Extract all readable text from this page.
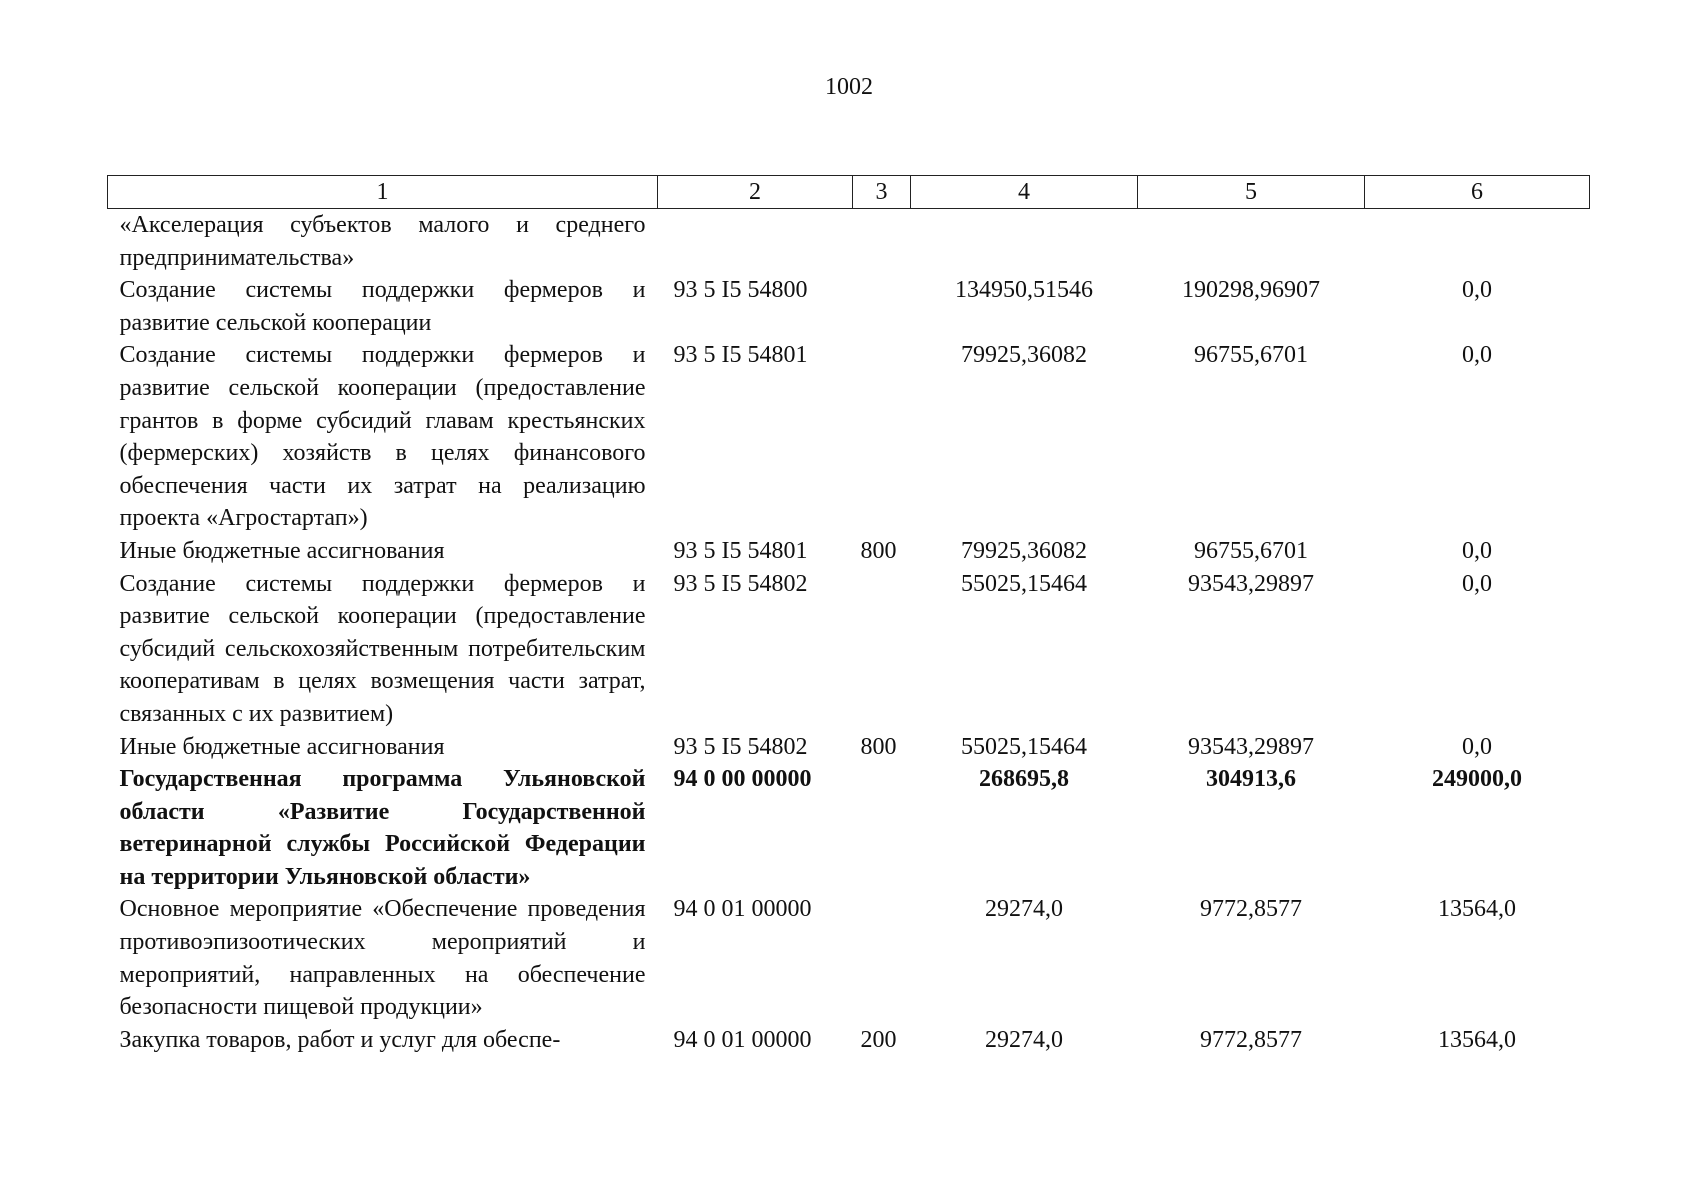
1002
1	2	3	4	5	6
«Акселерация субъектов малого и среднего предпринимательства»					
Создание системы поддержки фермеров и развитие сельской кооперации	93 5 I5 54800		134950,51546	190298,96907	0,0
Создание системы поддержки фермеров и развитие сельской кооперации (предоставление грантов в форме субсидий главам крестьянских (фермерских) хозяйств в целях финансового обеспечения части их затрат на реализацию проекта «Агростартап»)	93 5 I5 54801		79925,36082	96755,6701	0,0
Иные бюджетные ассигнования	93 5 I5 54801	800	79925,36082	96755,6701	0,0
Создание системы поддержки фермеров и развитие сельской кооперации (предоставление субсидий сельскохозяйственным потребительским кооперативам в целях возмещения части затрат, связанных с их развитием)	93 5 I5 54802		55025,15464	93543,29897	0,0
Иные бюджетные ассигнования	93 5 I5 54802	800	55025,15464	93543,29897	0,0
Государственная программа Ульяновской области «Развитие Государственной ветеринарной службы Российской Федерации на территории Ульяновской области»	94 0 00 00000		268695,8	304913,6	249000,0
Основное мероприятие «Обеспечение проведения противоэпизоотических мероприятий и мероприятий, направленных на обеспечение безопасности пищевой продукции»	94 0 01 00000		29274,0	9772,8577	13564,0
Закупка товаров, работ и услуг для обеспе-	94 0 01 00000	200	29274,0	9772,8577	13564,0
